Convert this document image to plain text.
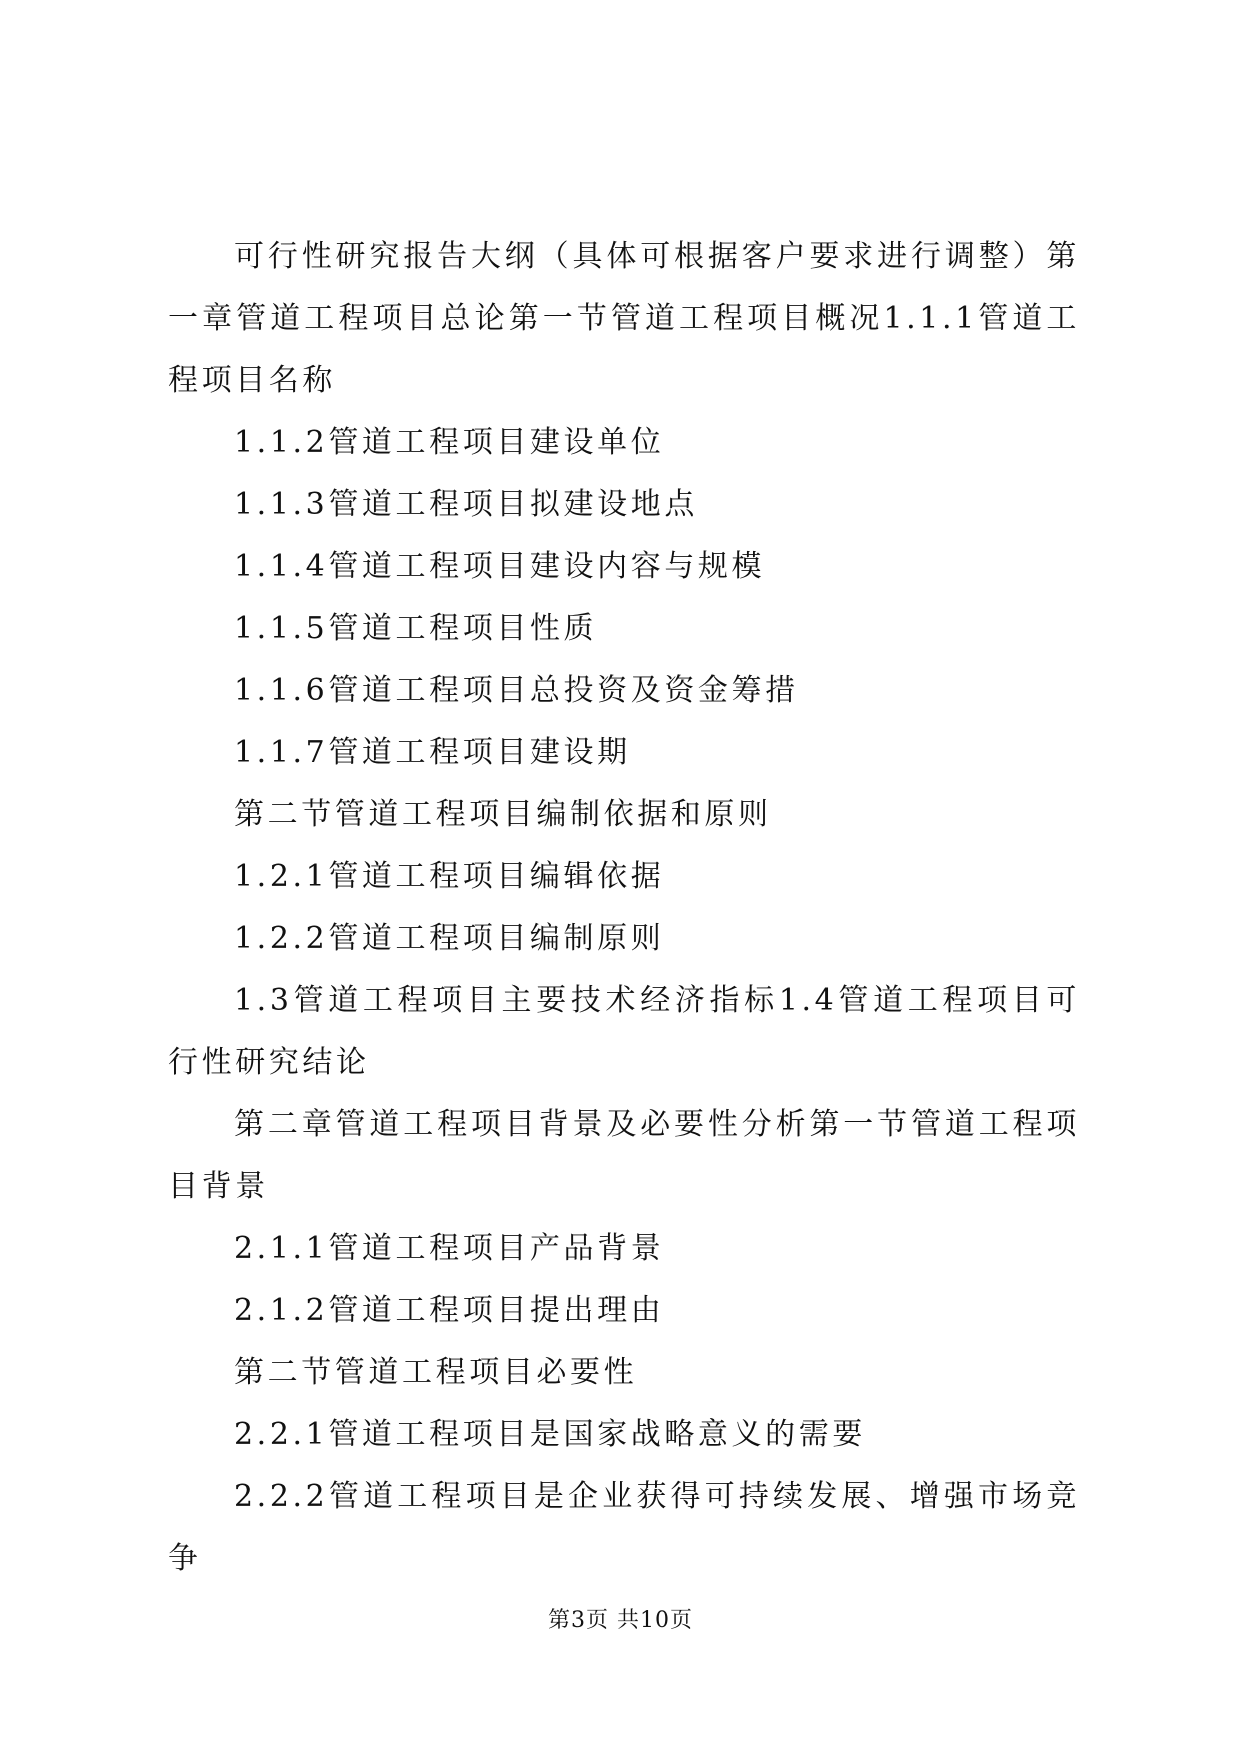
可行性研究报告大纲（具体可根据客户要求进行调整）第一章管道工程项目总论第一节管道工程项目概况1.1.1管道工程项目名称

1.1.2管道工程项目建设单位

1.1.3管道工程项目拟建设地点

1.1.4管道工程项目建设内容与规模

1.1.5管道工程项目性质

1.1.6管道工程项目总投资及资金筹措

1.1.7管道工程项目建设期

第二节管道工程项目编制依据和原则

1.2.1管道工程项目编辑依据

1.2.2管道工程项目编制原则

1.3管道工程项目主要技术经济指标1.4管道工程项目可行性研究结论

第二章管道工程项目背景及必要性分析第一节管道工程项目背景

2.1.1管道工程项目产品背景

2.1.2管道工程项目提出理由

第二节管道工程项目必要性

2.2.1管道工程项目是国家战略意义的需要

2.2.2管道工程项目是企业获得可持续发展、增强市场竞争

第3页 共10页
